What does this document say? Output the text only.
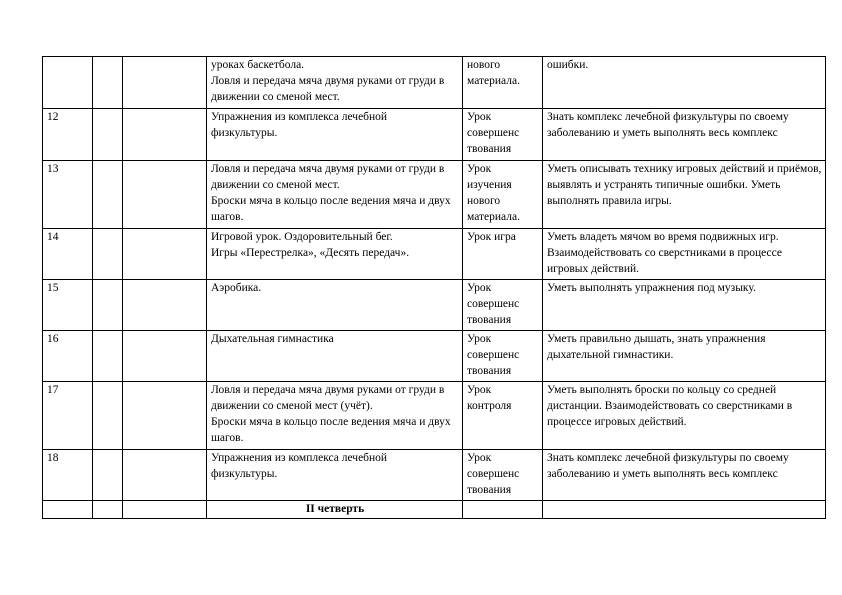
			уроках баскетбола.
Ловля и передача мяча двумя руками от груди в движении со сменой мест.	нового
материала.	ошибки.
12			Упражнения из комплекса лечебной
физкультуры.	Урок
совершенс
твования	Знать комплекс лечебной физкультуры по своему заболеванию и уметь выполнять весь комплекс
13			Ловля и передача мяча двумя руками от груди в движении со сменой мест.
Броски мяча в кольцо после ведения мяча и двух шагов.	Урок
изучения
нового
материала.	Уметь описывать технику игровых действий и приёмов, выявлять и устранять типичные ошибки. Уметь выполнять правила игры.
14			Игровой урок. Оздоровительный бег.
Игры «Перестрелка», «Десять передач».	Урок игра	Уметь владеть мячом во время подвижных игр. Взаимодействовать со сверстниками в процессе игровых действий.
15			Аэробика.	Урок
совершенс
твования	Уметь выполнять упражнения под музыку.
16			Дыхательная гимнастика	Урок
совершенс
твования	Уметь правильно дышать, знать упражнения дыхательной гимнастики.
17			Ловля и передача мяча двумя руками от груди в движении со сменой мест (учёт).
Броски мяча в кольцо после ведения мяча и двух шагов.	Урок
контроля	Уметь выполнять броски по кольцу со средней дистанции. Взаимодействовать со сверстниками в процессе игровых действий.
18			Упражнения из комплекса лечебной
физкультуры.	Урок
совершенс
твования	Знать комплекс лечебной физкультуры по своему заболеванию и уметь выполнять весь комплекс
			II четверть		
